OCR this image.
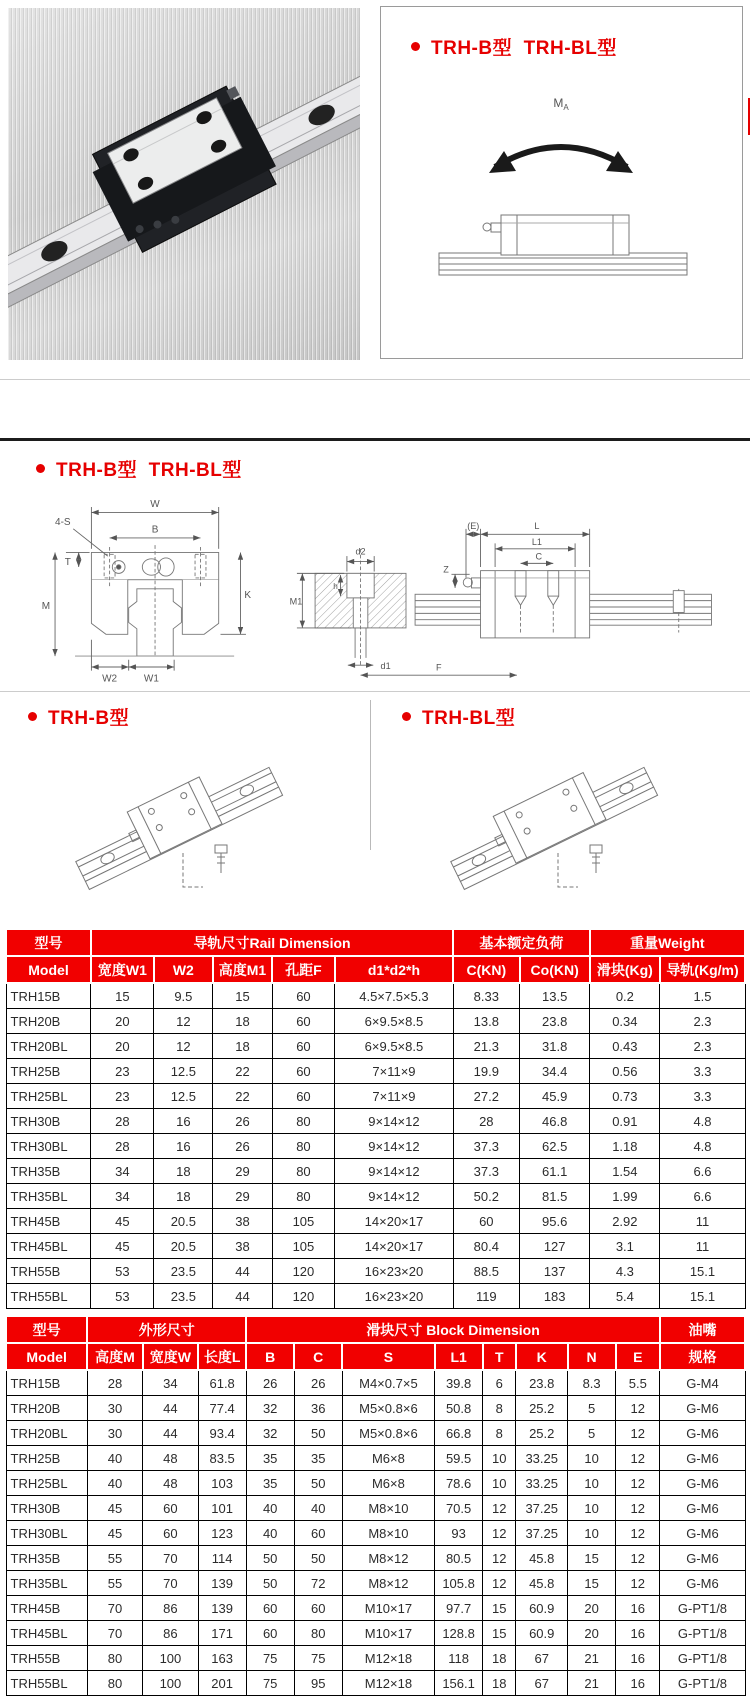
TRH-B型  TRH-BL型
$M_A$
TRH-B型  TRH-BL型
W
B
4-S
T
M
K
W2 W1
d2
h
M1
d1	F
(E)	L
L1
C
Z
TRH-B型	TRH-BL型
型号	导轨尺寸Rail Dimension					基本额定负荷		重量Weight	
Model	宽度W1	W2	高度M1	孔距F	d1*d2*h	C(KN)	Co(KN)	滑块(Kg)	导轨(Kg/m)
TRH15B	15	9.5	15	60	4.5×7.5×5.3	8.33	13.5	0.2	1.5
TRH20B	20	12	18	60	6×9.5×8.5	13.8	23.8	0.34	2.3
TRH20BL	20	12	18	60	6×9.5×8.5	21.3	31.8	0.43	2.3
TRH25B	23	12.5	22	60	7×11×9	19.9	34.4	0.56	3.3
TRH25BL	23	12.5	22	60	7×11×9	27.2	45.9	0.73	3.3
TRH30B	28	16	26	80	9×14×12	28	46.8	0.91	4.8
TRH30BL	28	16	26	80	9×14×12	37.3	62.5	1.18	4.8
TRH35B	34	18	29	80	9×14×12	37.3	61.1	1.54	6.6
TRH35BL	34	18	29	80	9×14×12	50.2	81.5	1.99	6.6
TRH45B	45	20.5	38	105	14×20×17	60	95.6	2.92	11
TRH45BL	45	20.5	38	105	14×20×17	80.4	127	3.1	11
TRH55B	53	23.5	44	120	16×23×20	88.5	137	4.3	15.1
TRH55BL	53	23.5	44	120	16×23×20	119	183	5.4	15.1
型号	外形尺寸			滑块尺寸 Block Dimension								油嘴
Model	高度M	宽度W	长度L	B	C	S	L1	T	K	N	E	规格
TRH15B	28	34	61.8	26	26	M4×0.7×5	39.8	6	23.8	8.3	5.5	G-M4
TRH20B	30	44	77.4	32	36	M5×0.8×6	50.8	8	25.2	5	12	G-M6
TRH20BL	30	44	93.4	32	50	M5×0.8×6	66.8	8	25.2	5	12	G-M6
TRH25B	40	48	83.5	35	35	M6×8	59.5	10	33.25	10	12	G-M6
TRH25BL	40	48	103	35	50	M6×8	78.6	10	33.25	10	12	G-M6
TRH30B	45	60	101	40	40	M8×10	70.5	12	37.25	10	12	G-M6
TRH30BL	45	60	123	40	60	M8×10	93	12	37.25	10	12	G-M6
TRH35B	55	70	114	50	50	M8×12	80.5	12	45.8	15	12	G-M6
TRH35BL	55	70	139	50	72	M8×12	105.8	12	45.8	15	12	G-M6
TRH45B	70	86	139	60	60	M10×17	97.7	15	60.9	20	16	G-PT1/8
TRH45BL	70	86	171	60	80	M10×17	128.8	15	60.9	20	16	G-PT1/8
TRH55B	80	100	163	75	75	M12×18	118	18	67	21	16	G-PT1/8
TRH55BL	80	100	201	75	95	M12×18	156.1	18	67	21	16	G-PT1/8
